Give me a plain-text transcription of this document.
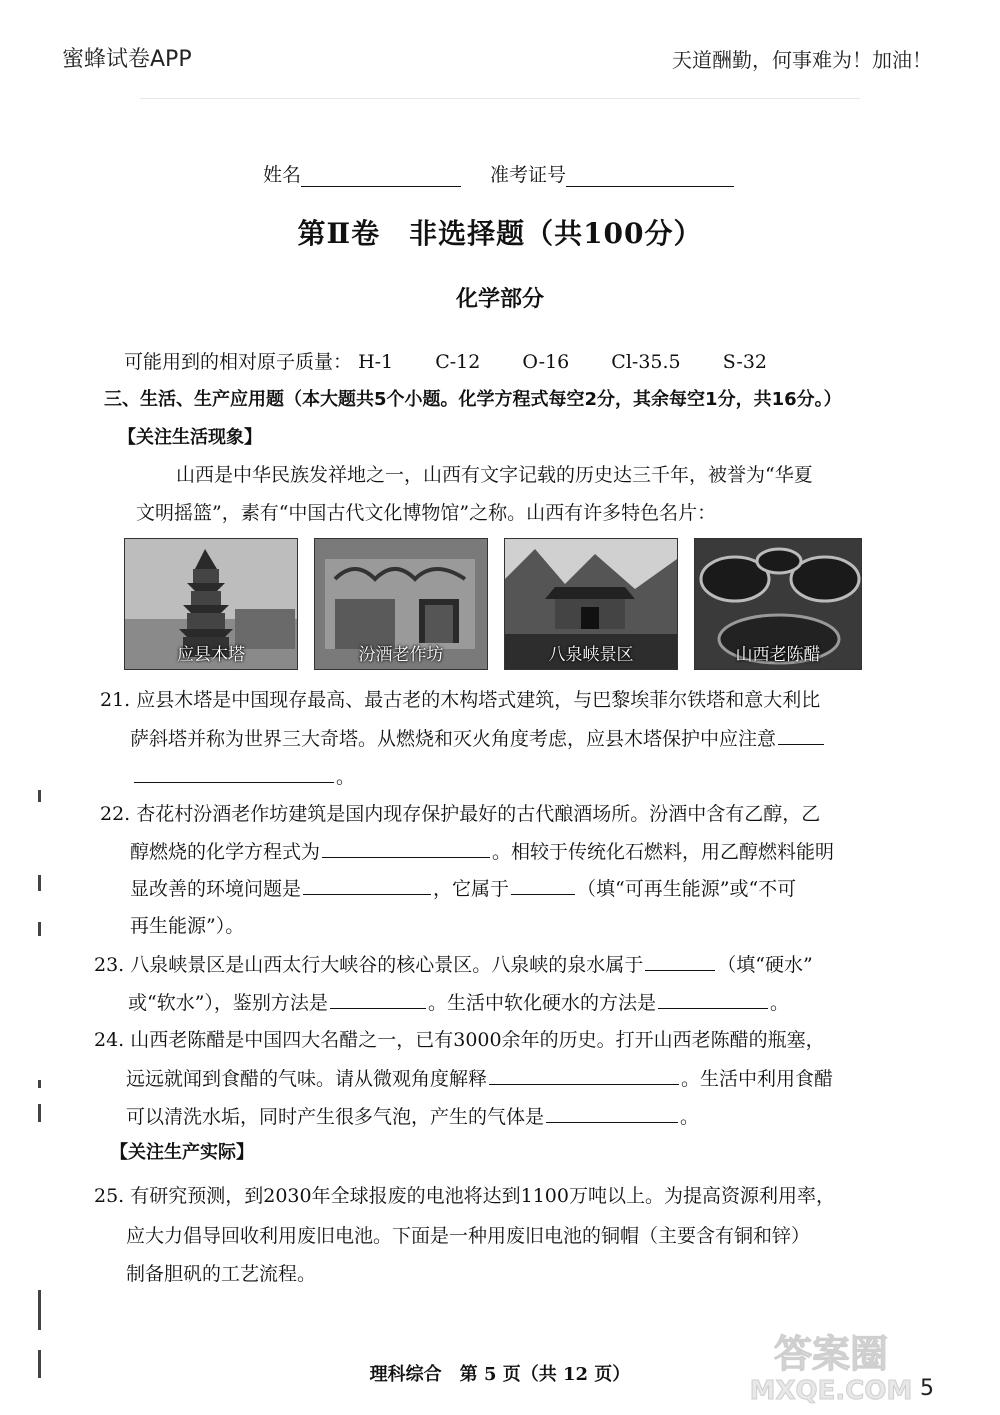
蜜蜂试卷APP	天道酬勤，何事难为！加油！
姓名	准考证号
第Ⅱ卷　非选择题（共100分）
化学部分
可能用到的相对原子质量： H-1 C-12 O-16 Cl-35.5 S-32
三、生活、生产应用题（本大题共5个小题。化学方程式每空2分，其余每空1分，共16分。）
【关注生活现象】
山西是中华民族发祥地之一，山西有文字记载的历史达三千年，被誉为“华夏
文明摇篮”，素有“中国古代文化博物馆”之称。山西有许多特色名片：
应县木塔	汾酒老作坊	八泉峡景区	山西老陈醋
21. 应县木塔是中国现存最高、最古老的木构塔式建筑，与巴黎埃菲尔铁塔和意大利比
萨斜塔并称为世界三大奇塔。从燃烧和灭火角度考虑，应县木塔保护中应注意
。
22. 杏花村汾酒老作坊建筑是国内现存保护最好的古代酿酒场所。汾酒中含有乙醇，乙
醇燃烧的化学方程式为	。相较于传统化石燃料，用乙醇燃料能明
显改善的环境问题是	，它属于	（填“可再生能源”或“不可
再生能源”）。
23. 八泉峡景区是山西太行大峡谷的核心景区。八泉峡的泉水属于	（填“硬水”
或“软水”），鉴别方法是	。生活中软化硬水的方法是	。
24. 山西老陈醋是中国四大名醋之一，已有3000余年的历史。打开山西老陈醋的瓶塞，
远远就闻到食醋的气味。请从微观角度解释	。生活中利用食醋
可以清洗水垢，同时产生很多气泡，产生的气体是	。
【关注生产实际】
25. 有研究预测，到2030年全球报废的电池将达到1100万吨以上。为提高资源利用率，
应大力倡导回收利用废旧电池。下面是一种用废旧电池的铜帽（主要含有铜和锌）
制备胆矾的工艺流程。
理科综合　第 5 页（共 12 页）	答案圈
MXQE.COM 5
